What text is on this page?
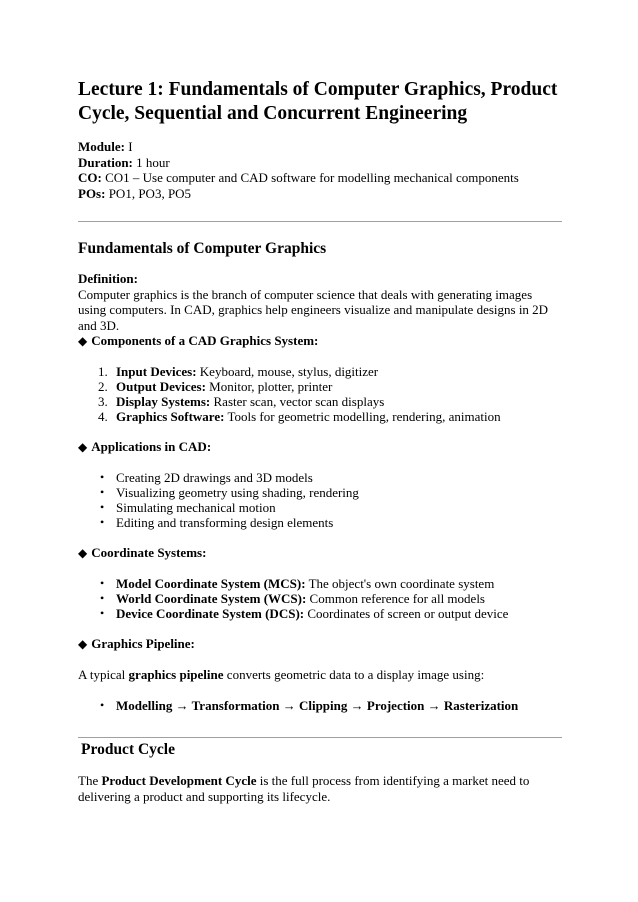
Lecture 1: Fundamentals of Computer Graphics, Product Cycle, Sequential and Concurrent Engineering
Module: I
Duration: 1 hour
CO: CO1 – Use computer and CAD software for modelling mechanical components
POs: PO1, PO3, PO5
Fundamentals of Computer Graphics

Definition:

Computer graphics is the branch of computer science that deals with generating images using computers. In CAD, graphics help engineers visualize and manipulate designs in 2D and 3D.

◆ Components of a CAD Graphics System:
1. Input Devices: Keyboard, mouse, stylus, digitizer
2. Output Devices: Monitor, plotter, printer
3. Display Systems: Raster scan, vector scan displays
4. Graphics Software: Tools for geometric modelling, rendering, animation
◆ Applications in CAD:
• Creating 2D drawings and 3D models
• Visualizing geometry using shading, rendering
• Simulating mechanical motion
• Editing and transforming design elements
◆ Coordinate Systems:
• Model Coordinate System (MCS): The object's own coordinate system
• World Coordinate System (WCS): Common reference for all models
• Device Coordinate System (DCS): Coordinates of screen or output device
◆ Graphics Pipeline:

A typical graphics pipeline converts geometric data to a display image using:

• Modelling → Transformation → Clipping → Projection → Rasterization
Product Cycle

The Product Development Cycle is the full process from identifying a market need to delivering a product and supporting its lifecycle.
